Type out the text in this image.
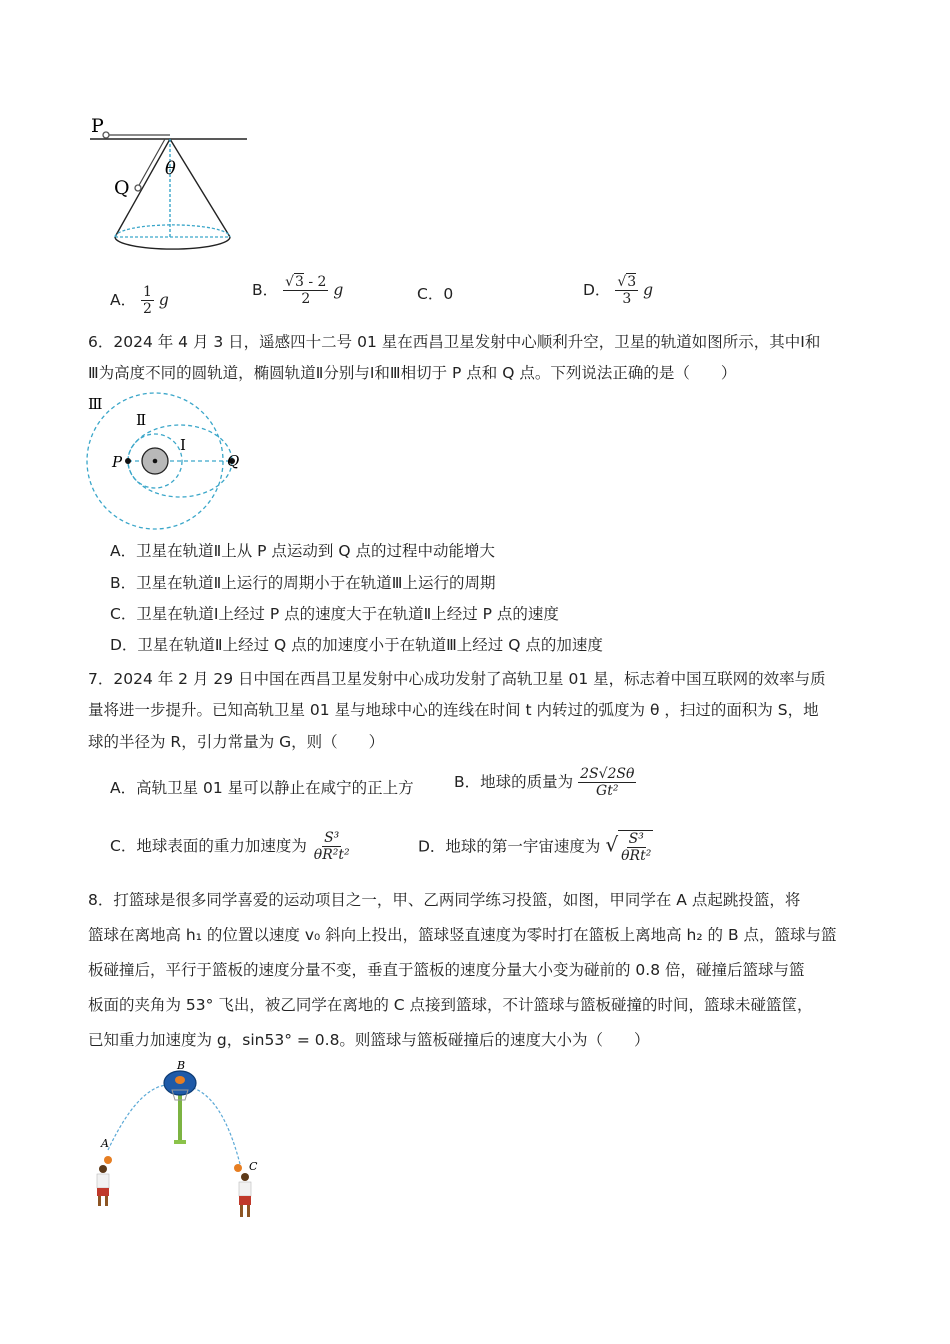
P
Q
θ
A． $\frac{1}{2}$ g
B． $\frac{√3 - 2}{2}$ g	C．0	D． $\frac{√3}{3}$ g
6．2024 年 4 月 3 日，遥感四十二号 01 星在西昌卫星发射中心顺利升空，卫星的轨道如图所示，其中Ⅰ和
Ⅲ为高度不同的圆轨道，椭圆轨道Ⅱ分别与Ⅰ和Ⅲ相切于 P 点和 Q 点。下列说法正确的是（　　）
Ⅲ
Ⅱ
Ⅰ
P	Q
A．卫星在轨道Ⅱ上从 P 点运动到 Q 点的过程中动能增大
B．卫星在轨道Ⅱ上运行的周期小于在轨道Ⅲ上运行的周期
C．卫星在轨道Ⅰ上经过 P 点的速度大于在轨道Ⅱ上经过 P 点的速度
D．卫星在轨道Ⅱ上经过 Q 点的加速度小于在轨道Ⅲ上经过 Q 点的加速度
7．2024 年 2 月 29 日中国在西昌卫星发射中心成功发射了高轨卫星 01 星，标志着中国互联网的效率与质
量将进一步提升。已知高轨卫星 01 星与地球中心的连线在时间 t 内转过的弧度为 θ ，扫过的面积为 S，地
球的半径为 R，引力常量为 G，则（　　）
A．高轨卫星 01 星可以静止在咸宁的正上方	B．地球的质量为 $\frac{2S√2S\theta}{\text{Gt²}}$
C．地球表面的重力加速度为 $\frac{\text{S³}}{\text{θR²t²}}$	D．地球的第一宇宙速度为 √ $\frac{\text{S³}}{\text{θRt²}}$
8．打篮球是很多同学喜爱的运动项目之一，甲、乙两同学练习投篮，如图，甲同学在 A 点起跳投篮，将
篮球在离地高 h₁ 的位置以速度 v₀ 斜向上投出，篮球竖直速度为零时打在篮板上离地高 h₂ 的 B 点，篮球与篮
板碰撞后，平行于篮板的速度分量不变，垂直于篮板的速度分量大小变为碰前的 0.8 倍，碰撞后篮球与篮
板面的夹角为 53° 飞出，被乙同学在离地的 C 点接到篮球，不计篮球与篮板碰撞的时间，篮球未碰篮筐，
已知重力加速度为 g，sin53° = 0.8。则篮球与篮板碰撞后的速度大小为（　　）
A
B
C
